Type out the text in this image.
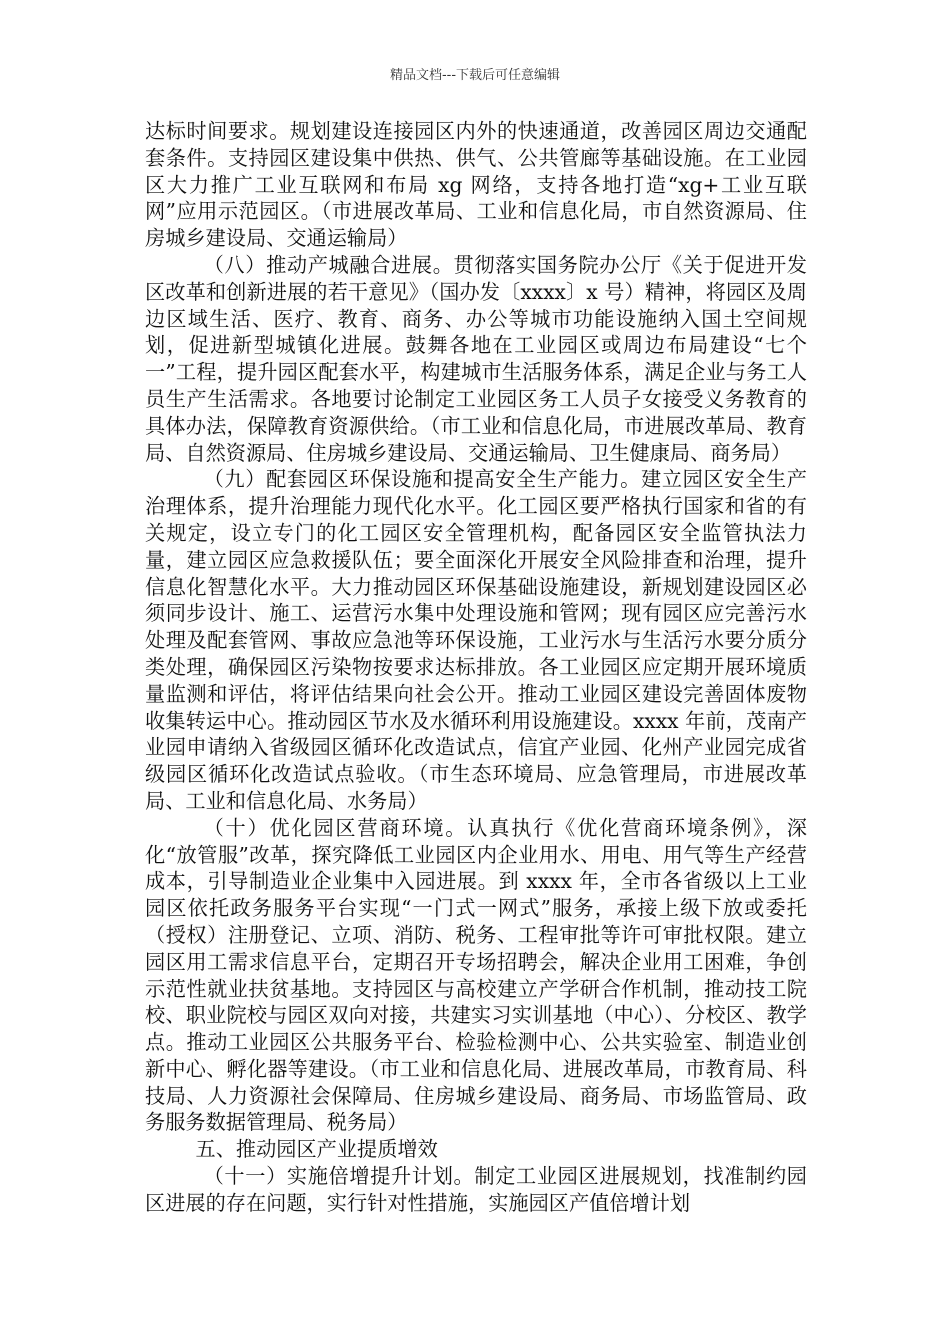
精品文档---下载后可任意编辑

达标时间要求。规划建设连接园区内外的快速通道，改善园区周边交通配套条件。支持园区建设集中供热、供气、公共管廊等基础设施。在工业园区大力推广工业互联网和布局 xg 网络，支持各地打造“xg+工业互联网”应用示范园区。（市进展改革局、工业和信息化局，市自然资源局、住房城乡建设局、交通运输局）

（八）推动产城融合进展。贯彻落实国务院办公厅《关于促进开发区改革和创新进展的若干意见》（国办发〔xxxx〕x 号）精神，将园区及周边区域生活、医疗、教育、商务、办公等城市功能设施纳入国土空间规划，促进新型城镇化进展。鼓舞各地在工业园区或周边布局建设“七个一”工程，提升园区配套水平，构建城市生活服务体系，满足企业与务工人员生产生活需求。各地要讨论制定工业园区务工人员子女接受义务教育的具体办法，保障教育资源供给。（市工业和信息化局，市进展改革局、教育局、自然资源局、住房城乡建设局、交通运输局、卫生健康局、商务局）

（九）配套园区环保设施和提高安全生产能力。建立园区安全生产治理体系，提升治理能力现代化水平。化工园区要严格执行国家和省的有关规定，设立专门的化工园区安全管理机构，配备园区安全监管执法力量，建立园区应急救援队伍；要全面深化开展安全风险排查和治理，提升信息化智慧化水平。大力推动园区环保基础设施建设，新规划建设园区必须同步设计、施工、运营污水集中处理设施和管网；现有园区应完善污水处理及配套管网、事故应急池等环保设施，工业污水与生活污水要分质分类处理，确保园区污染物按要求达标排放。各工业园区应定期开展环境质量监测和评估，将评估结果向社会公开。推动工业园区建设完善固体废物收集转运中心。推动园区节水及水循环利用设施建设。xxxx 年前，茂南产业园申请纳入省级园区循环化改造试点，信宜产业园、化州产业园完成省级园区循环化改造试点验收。（市生态环境局、应急管理局，市进展改革局、工业和信息化局、水务局）

（十）优化园区营商环境。认真执行《优化营商环境条例》，深化“放管服”改革，探究降低工业园区内企业用水、用电、用气等生产经营成本，引导制造业企业集中入园进展。到 xxxx 年，全市各省级以上工业园区依托政务服务平台实现“一门式一网式”服务，承接上级下放或委托（授权）注册登记、立项、消防、税务、工程审批等许可审批权限。建立园区用工需求信息平台，定期召开专场招聘会，解决企业用工困难，争创示范性就业扶贫基地。支持园区与高校建立产学研合作机制，推动技工院校、职业院校与园区双向对接，共建实习实训基地（中心）、分校区、教学点。推动工业园区公共服务平台、检验检测中心、公共实验室、制造业创新中心、孵化器等建设。（市工业和信息化局、进展改革局，市教育局、科技局、人力资源社会保障局、住房城乡建设局、商务局、市场监管局、政务服务数据管理局、税务局）

五、推动园区产业提质增效

（十一）实施倍增提升计划。制定工业园区进展规划，找准制约园区进展的存在问题，实行针对性措施，实施园区产值倍增计划
